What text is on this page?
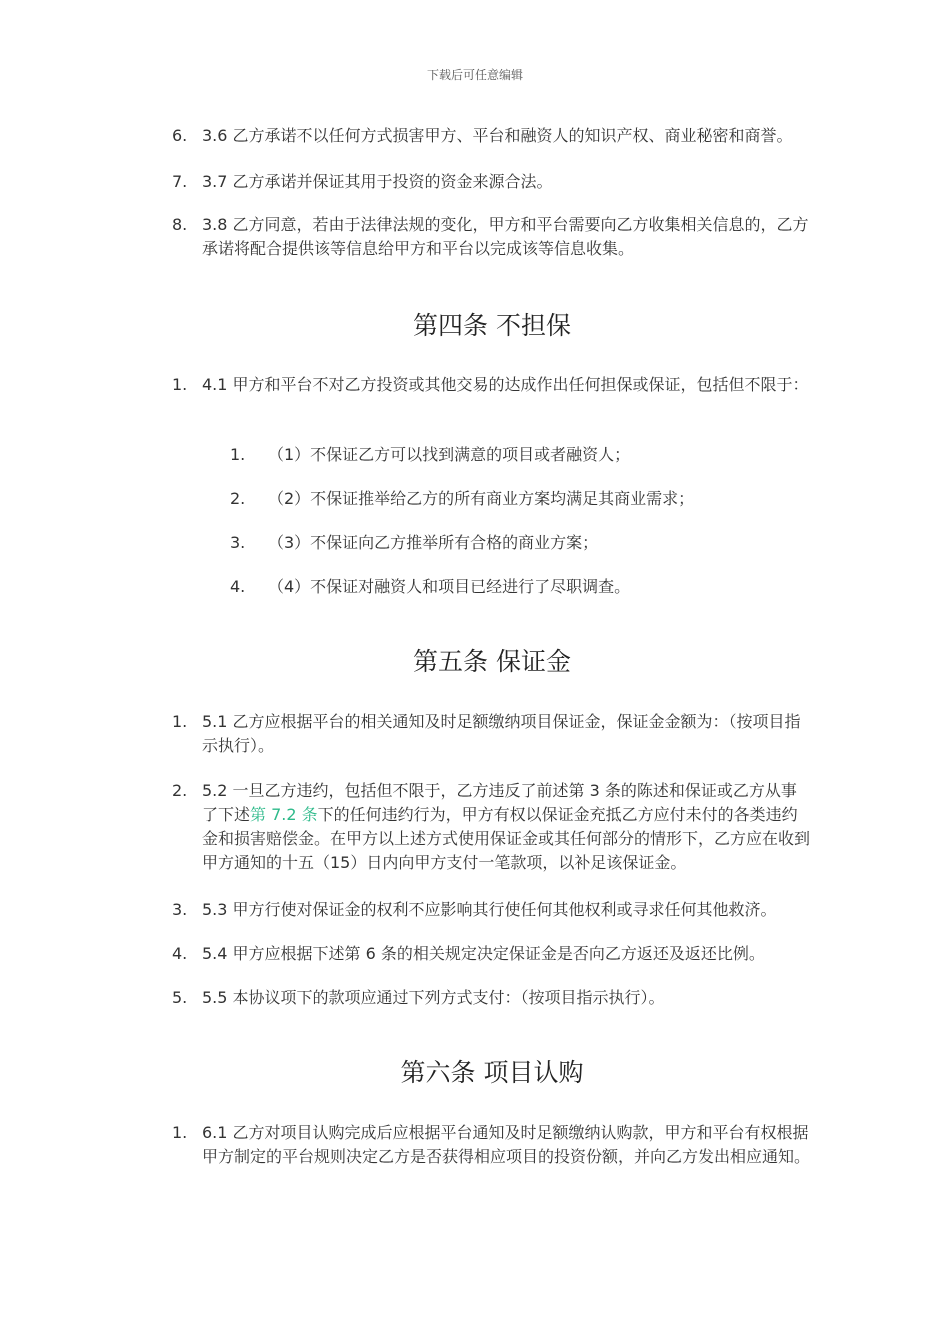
下载后可任意编辑
6. 3.6 乙方承诺不以任何方式损害甲方、平台和融资人的知识产权、商业秘密和商誉。
7. 3.7 乙方承诺并保证其用于投资的资金来源合法。
8. 3.8 乙方同意，若由于法律法规的变化，甲方和平台需要向乙方收集相关信息的，乙方承诺将配合提供该等信息给甲方和平台以完成该等信息收集。
第四条 不担保
1. 4.1 甲方和平台不对乙方投资或其他交易的达成作出任何担保或保证，包括但不限于：
1. （1）不保证乙方可以找到满意的项目或者融资人；
2. （2）不保证推举给乙方的所有商业方案均满足其商业需求；
3. （3）不保证向乙方推举所有合格的商业方案；
4. （4）不保证对融资人和项目已经进行了尽职调查。
第五条 保证金
1. 5.1 乙方应根据平台的相关通知及时足额缴纳项目保证金，保证金金额为：（按项目指示执行）。
2. 5.2 一旦乙方违约，包括但不限于，乙方违反了前述第 3 条的陈述和保证或乙方从事了下述第 7.2 条下的任何违约行为，甲方有权以保证金充抵乙方应付未付的各类违约金和损害赔偿金。在甲方以上述方式使用保证金或其任何部分的情形下，乙方应在收到甲方通知的十五（15）日内向甲方支付一笔款项，以补足该保证金。
3. 5.3 甲方行使对保证金的权利不应影响其行使任何其他权利或寻求任何其他救济。
4. 5.4 甲方应根据下述第 6 条的相关规定决定保证金是否向乙方返还及返还比例。
5. 5.5 本协议项下的款项应通过下列方式支付：（按项目指示执行）。
第六条 项目认购
1. 6.1 乙方对项目认购完成后应根据平台通知及时足额缴纳认购款，甲方和平台有权根据甲方制定的平台规则决定乙方是否获得相应项目的投资份额，并向乙方发出相应通知。
